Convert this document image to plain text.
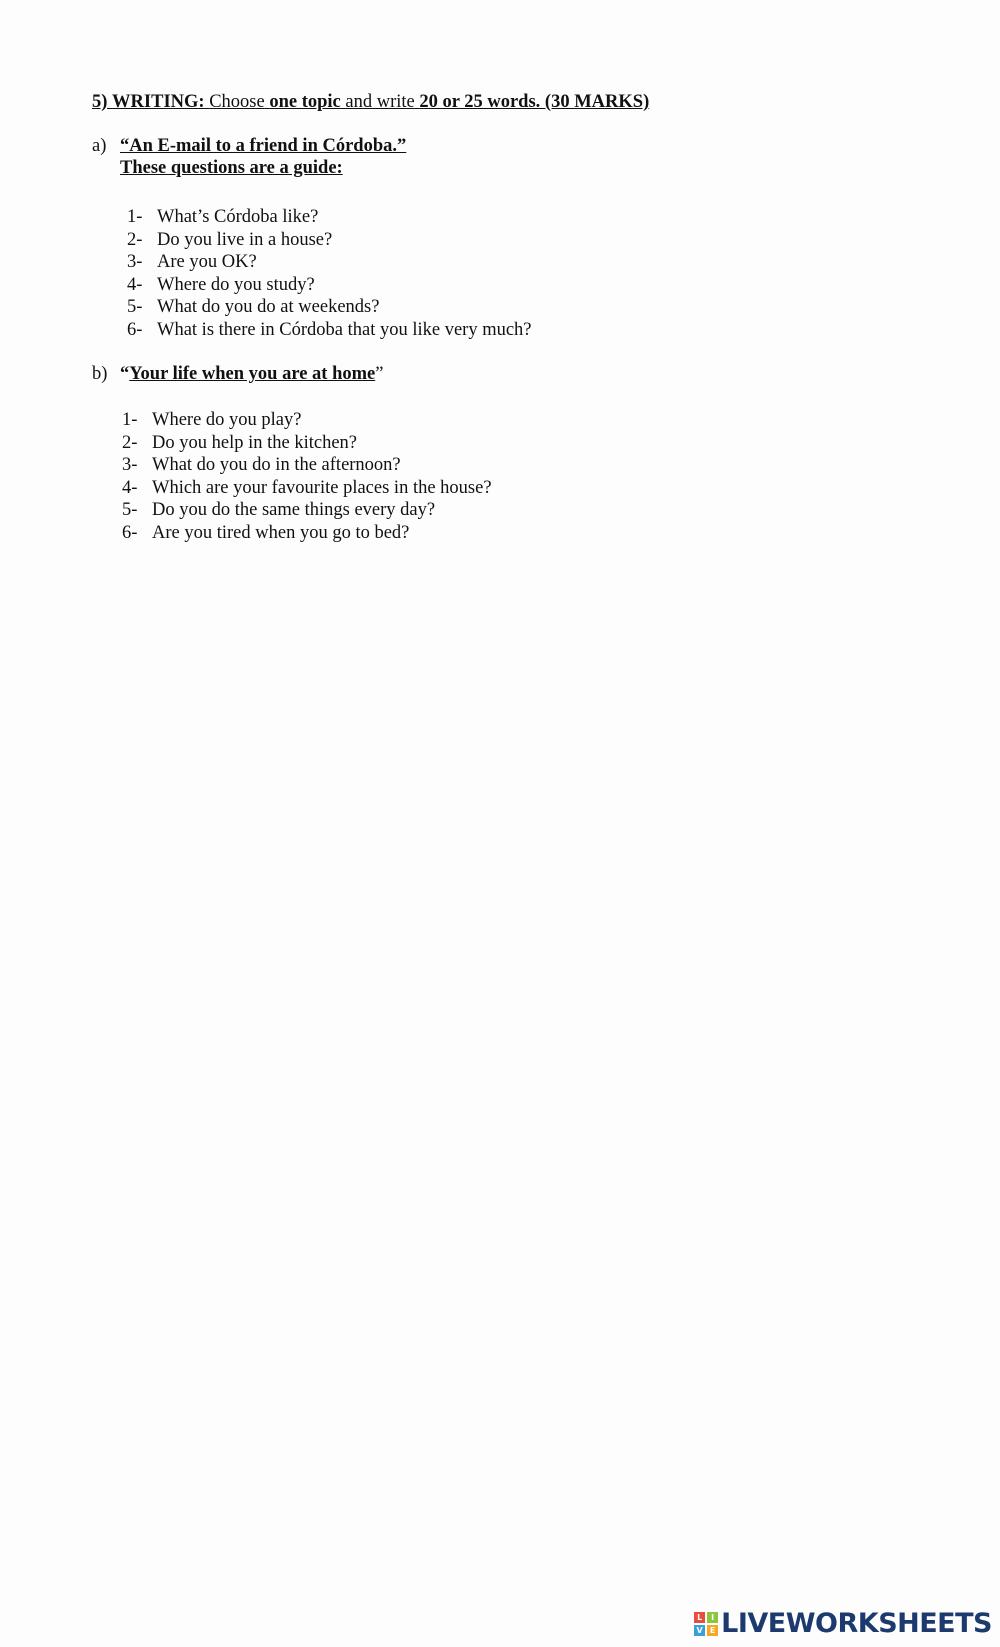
5) WRITING: Choose one topic and write 20 or 25 words. (30 MARKS)
a) “An E-mail to a friend in Córdoba.”
These questions are a guide:
1- What’s Córdoba like?
2- Do you live in a house?
3- Are you OK?
4- Where do you study?
5- What do you do at weekends?
6- What is there in Córdoba that you like very much?
b) “Your life when you are at home”
1- Where do you play?
2- Do you help in the kitchen?
3- What do you do in the afternoon?
4- Which are your favourite places in the house?
5- Do you do the same things every day?
6- Are you tired when you go to bed?
L	I
V E LIVEWORKSHEETS
